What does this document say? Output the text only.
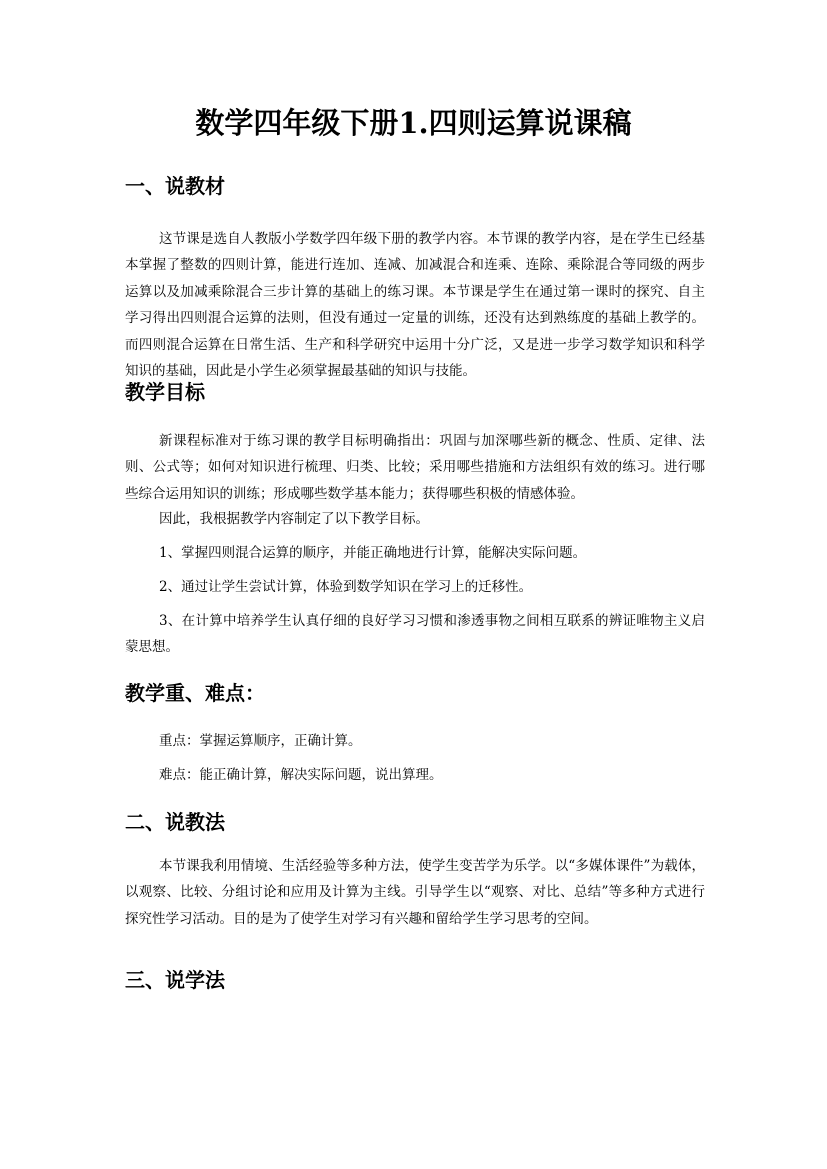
数学四年级下册1.四则运算说课稿
一、说教材

这节课是选自人教版小学数学四年级下册的教学内容。本节课的教学内容，是在学生已经基本掌握了整数的四则计算，能进行连加、连减、加减混合和连乘、连除、乘除混合等同级的两步运算以及加减乘除混合三步计算的基础上的练习课。本节课是学生在通过第一课时的探究、自主学习得出四则混合运算的法则，但没有通过一定量的训练，还没有达到熟练度的基础上教学的。而四则混合运算在日常生活、生产和科学研究中运用十分广泛，又是进一步学习数学知识和科学知识的基础，因此是小学生必须掌握最基础的知识与技能。

教学目标

新课程标准对于练习课的教学目标明确指出：巩固与加深哪些新的概念、性质、定律、法则、公式等；如何对知识进行梳理、归类、比较；采用哪些措施和方法组织有效的练习。进行哪些综合运用知识的训练；形成哪些数学基本能力；获得哪些积极的情感体验。

因此，我根据教学内容制定了以下教学目标。

1、掌握四则混合运算的顺序，并能正确地进行计算，能解决实际问题。

2、通过让学生尝试计算，体验到数学知识在学习上的迁移性。

3、在计算中培养学生认真仔细的良好学习习惯和渗透事物之间相互联系的辨证唯物主义启蒙思想。

教学重、难点：

重点：掌握运算顺序，正确计算。

难点：能正确计算，解决实际问题，说出算理。

二、说教法

本节课我利用情境、生活经验等多种方法，使学生变苦学为乐学。以“多媒体课件”为载体，以观察、比较、分组讨论和应用及计算为主线。引导学生以“观察、对比、总结”等多种方式进行探究性学习活动。目的是为了使学生对学习有兴趣和留给学生学习思考的空间。

三、说学法
